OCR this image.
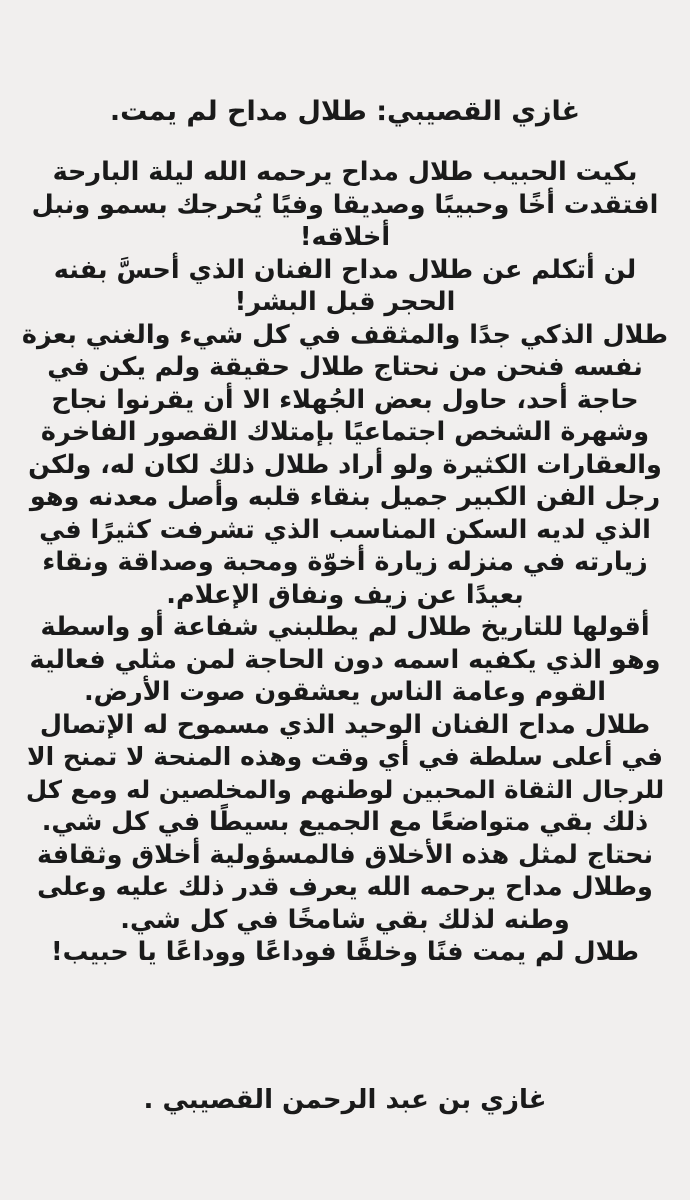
غازي القصيبي: طلال مداح لم يمت.
بكيت الحبيب طلال مداح يرحمه الله ليلة البارحة
افتقدت أخًا وحبيبًا وصديقا وفيًا يُحرجك بسمو ونبل
أخلاقه!
لن أتكلم عن طلال مداح الفنان الذي أحسَّ بفنه
الحجر قبل البشر!
طلال الذكي جدًا والمثقف في كل شيء والغني بعزة
نفسه فنحن من نحتاج طلال حقيقة ولم يكن في
حاجة أحد، حاول بعض الجُهلاء الا أن يقرنوا نجاح
وشهرة الشخص اجتماعيًا بإمتلاك القصور الفاخرة
والعقارات الكثيرة ولو أراد طلال ذلك لكان له، ولكن
رجل الفن الكبير جميل بنقاء قلبه وأصل معدنه وهو
الذي لديه السكن المناسب الذي تشرفت كثيرًا في
زيارته في منزله زيارة أخوّة ومحبة وصداقة ونقاء
بعيدًا عن زيف ونفاق الإعلام.
أقولها للتاريخ طلال لم يطلبني شفاعة أو واسطة
وهو الذي يكفيه اسمه دون الحاجة لمن مثلي فعالية
القوم وعامة الناس يعشقون صوت الأرض.
طلال مداح الفنان الوحيد الذي مسموح له الإتصال
في أعلى سلطة في أي وقت وهذه المنحة لا تمنح الا
للرجال الثقاة المحبين لوطنهم والمخلصين له ومع كل
ذلك بقي متواضعًا مع الجميع بسيطًا في كل شي.
نحتاج لمثل هذه الأخلاق فالمسؤولية أخلاق وثقافة
وطلال مداح يرحمه الله يعرف قدر ذلك عليه وعلى
وطنه لذلك بقي شامخًا في كل شي.
طلال لم يمت فنًا وخلقًا فوداعًا ووداعًا يا حبيب!
غازي بن عبد الرحمن القصيبي .
